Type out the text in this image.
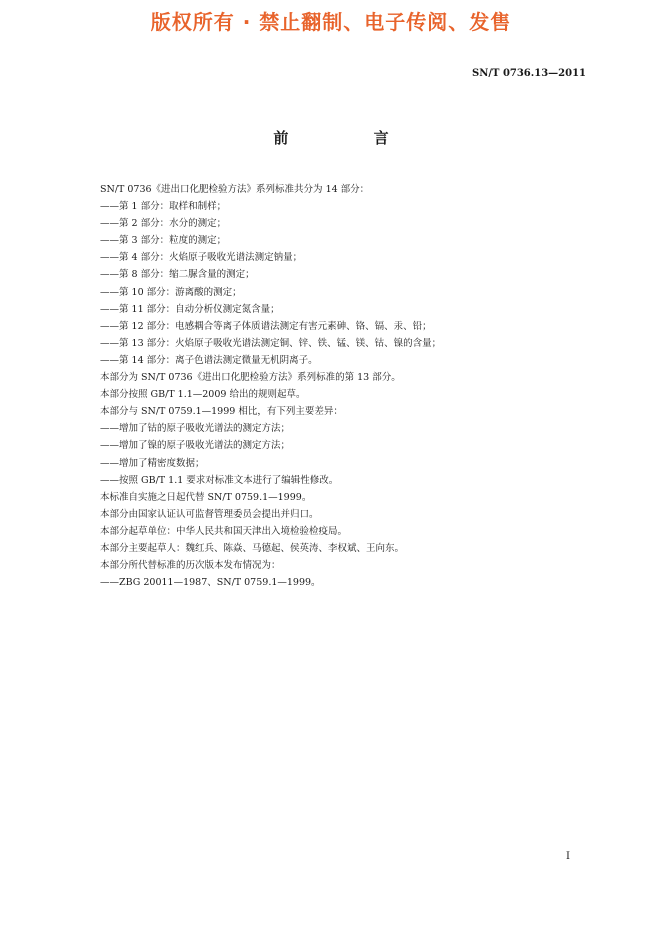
版权所有 · 禁止翻制、电子传阅、发售
SN/T 0736.13—2011
前 言
SN/T 0736《进出口化肥检验方法》系列标准共分为 14 部分：
——第 1 部分：取样和制样；
——第 2 部分：水分的测定；
——第 3 部分：粒度的测定；
——第 4 部分：火焰原子吸收光谱法测定钠量；
——第 8 部分：缩二脲含量的测定；
——第 10 部分：游离酸的测定；
——第 11 部分：自动分析仪测定氮含量；
——第 12 部分：电感耦合等离子体质谱法测定有害元素砷、铬、镉、汞、铅；
——第 13 部分：火焰原子吸收光谱法测定铜、锌、铁、锰、镁、钴、镍的含量；
——第 14 部分：离子色谱法测定微量无机阴离子。
本部分为 SN/T 0736《进出口化肥检验方法》系列标准的第 13 部分。
本部分按照 GB/T 1.1—2009 给出的规则起草。
本部分与 SN/T 0759.1—1999 相比，有下列主要差异：
——增加了钴的原子吸收光谱法的测定方法；
——增加了镍的原子吸收光谱法的测定方法；
——增加了精密度数据；
——按照 GB/T 1.1 要求对标准文本进行了编辑性修改。
本标准自实施之日起代替 SN/T 0759.1—1999。
本部分由国家认证认可监督管理委员会提出并归口。
本部分起草单位：中华人民共和国天津出入境检验检疫局。
本部分主要起草人：魏红兵、陈焱、马德起、侯英涛、李权斌、王向东。
本部分所代替标准的历次版本发布情况为：
——ZBG 20011—1987、SN/T 0759.1—1999。
I
